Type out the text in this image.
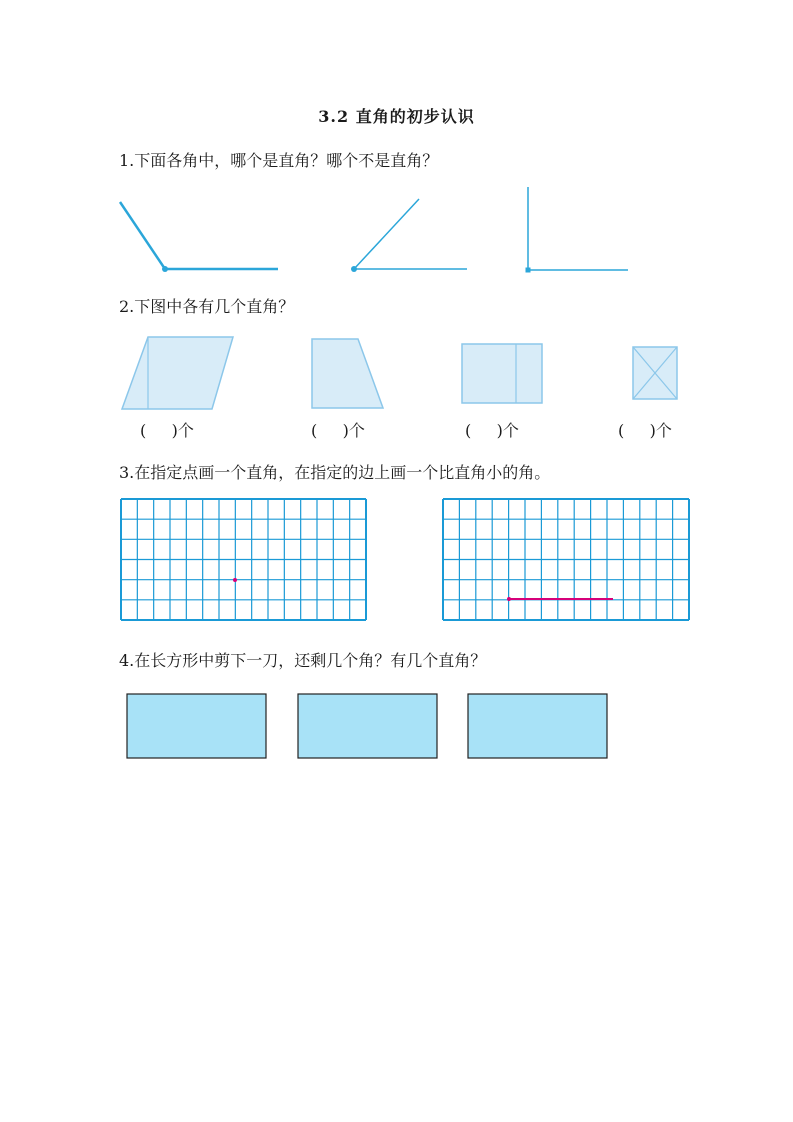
3.2 直角的初步认识
1.下面各角中，哪个是直角？哪个不是直角？
2.下图中各有几个直角？
3.在指定点画一个直角，在指定的边上画一个比直角小的角。
4.在长方形中剪下一刀，还剩几个角？有几个直角？
(     )个	(     )个	(     )个	(     )个
